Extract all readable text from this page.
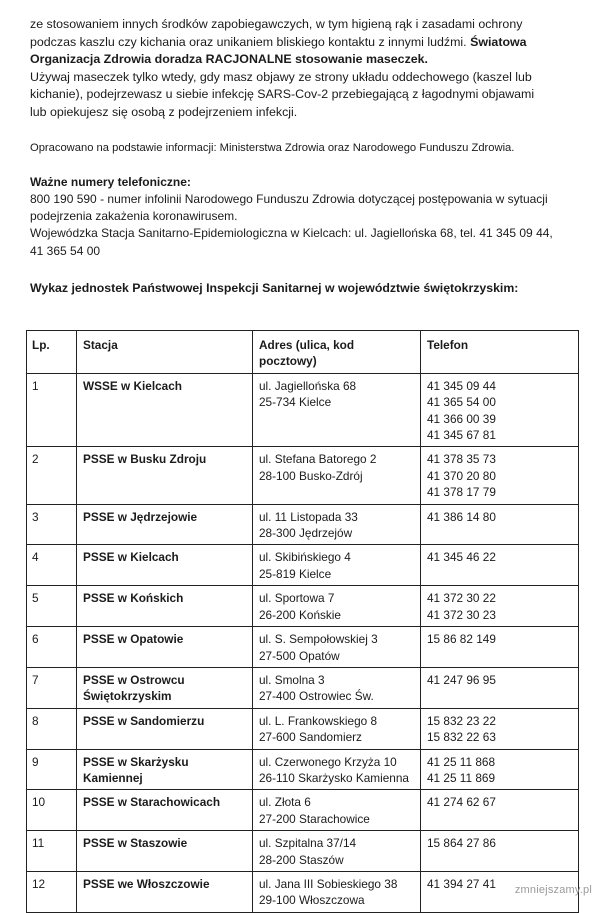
ze stosowaniem innych środków zapobiegawczych, w tym higieną rąk i zasadami ochrony
podczas kaszlu czy kichania oraz unikaniem bliskiego kontaktu z innymi ludźmi. Światowa
Organizacja Zdrowia doradza RACJONALNE stosowanie maseczek.
Używaj maseczek tylko wtedy, gdy masz objawy ze strony układu oddechowego (kaszel lub
kichanie), podejrzewasz u siebie infekcję SARS-Cov-2 przebiegającą z łagodnymi objawami
lub opiekujesz się osobą z podejrzeniem infekcji.

Opracowano na podstawie informacji: Ministerstwa Zdrowia oraz Narodowego Funduszu Zdrowia.
Ważne numery telefoniczne:
800 190 590 - numer infolinii Narodowego Funduszu Zdrowia dotyczącej postępowania w sytuacji
podejrzenia zakażenia koronawirusem.
Wojewódzka Stacja Sanitarno-Epidemiologiczna w Kielcach: ul. Jagiellońska 68, tel. 41 345 09 44,
41 365 54 00
Wykaz jednostek Państwowej Inspekcji Sanitarnej w województwie świętokrzyskim:
Lp.	Stacja	Adres (ulica, kod pocztowy)	Telefon
1	WSSE w Kielcach	ul. Jagiellońska 68
25-734 Kielce	41 345 09 44
41 365 54 00
41 366 00 39
41 345 67 81

2	PSSE w Busku Zdroju	ul. Stefana Batorego 2
28-100 Busko-Zdrój	41 378 35 73
41 370 20 80
41 378 17 79

3	PSSE w Jędrzejowie	ul. 11 Listopada 33
28-300 Jędrzejów	41 386 14 80

4	PSSE w Kielcach	ul. Skibińskiego 4
25-819 Kielce	41 345 46 22

5	PSSE w Końskich	ul. Sportowa 7
26-200 Końskie	41 372 30 22
41 372 30 23

6	PSSE w Opatowie	ul. S. Sempołowskiej 3
27-500 Opatów	15 86 82 149

7	PSSE w Ostrowcu Świętokrzyskim	ul. Smolna 3
27-400 Ostrowiec Św.	41 247 96 95

8	PSSE w Sandomierzu	ul. L. Frankowskiego 8
27-600 Sandomierz	15 832 23 22
15 832 22 63

9	PSSE w Skarżysku Kamiennej	ul. Czerwonego Krzyża 10
26-110 Skarżysko Kamienna	41 25 11 868
41 25 11 869

10	PSSE w Starachowicach	ul. Złota 6
27-200 Starachowice	41 274 62 67

11	PSSE w Staszowie	ul. Szpitalna 37/14
28-200 Staszów	15 864 27 86

12	PSSE we Włoszczowie	ul. Jana III Sobieskiego 38
29-100 Włoszczowa	41 394 27 41	zmniejszamy.pl
